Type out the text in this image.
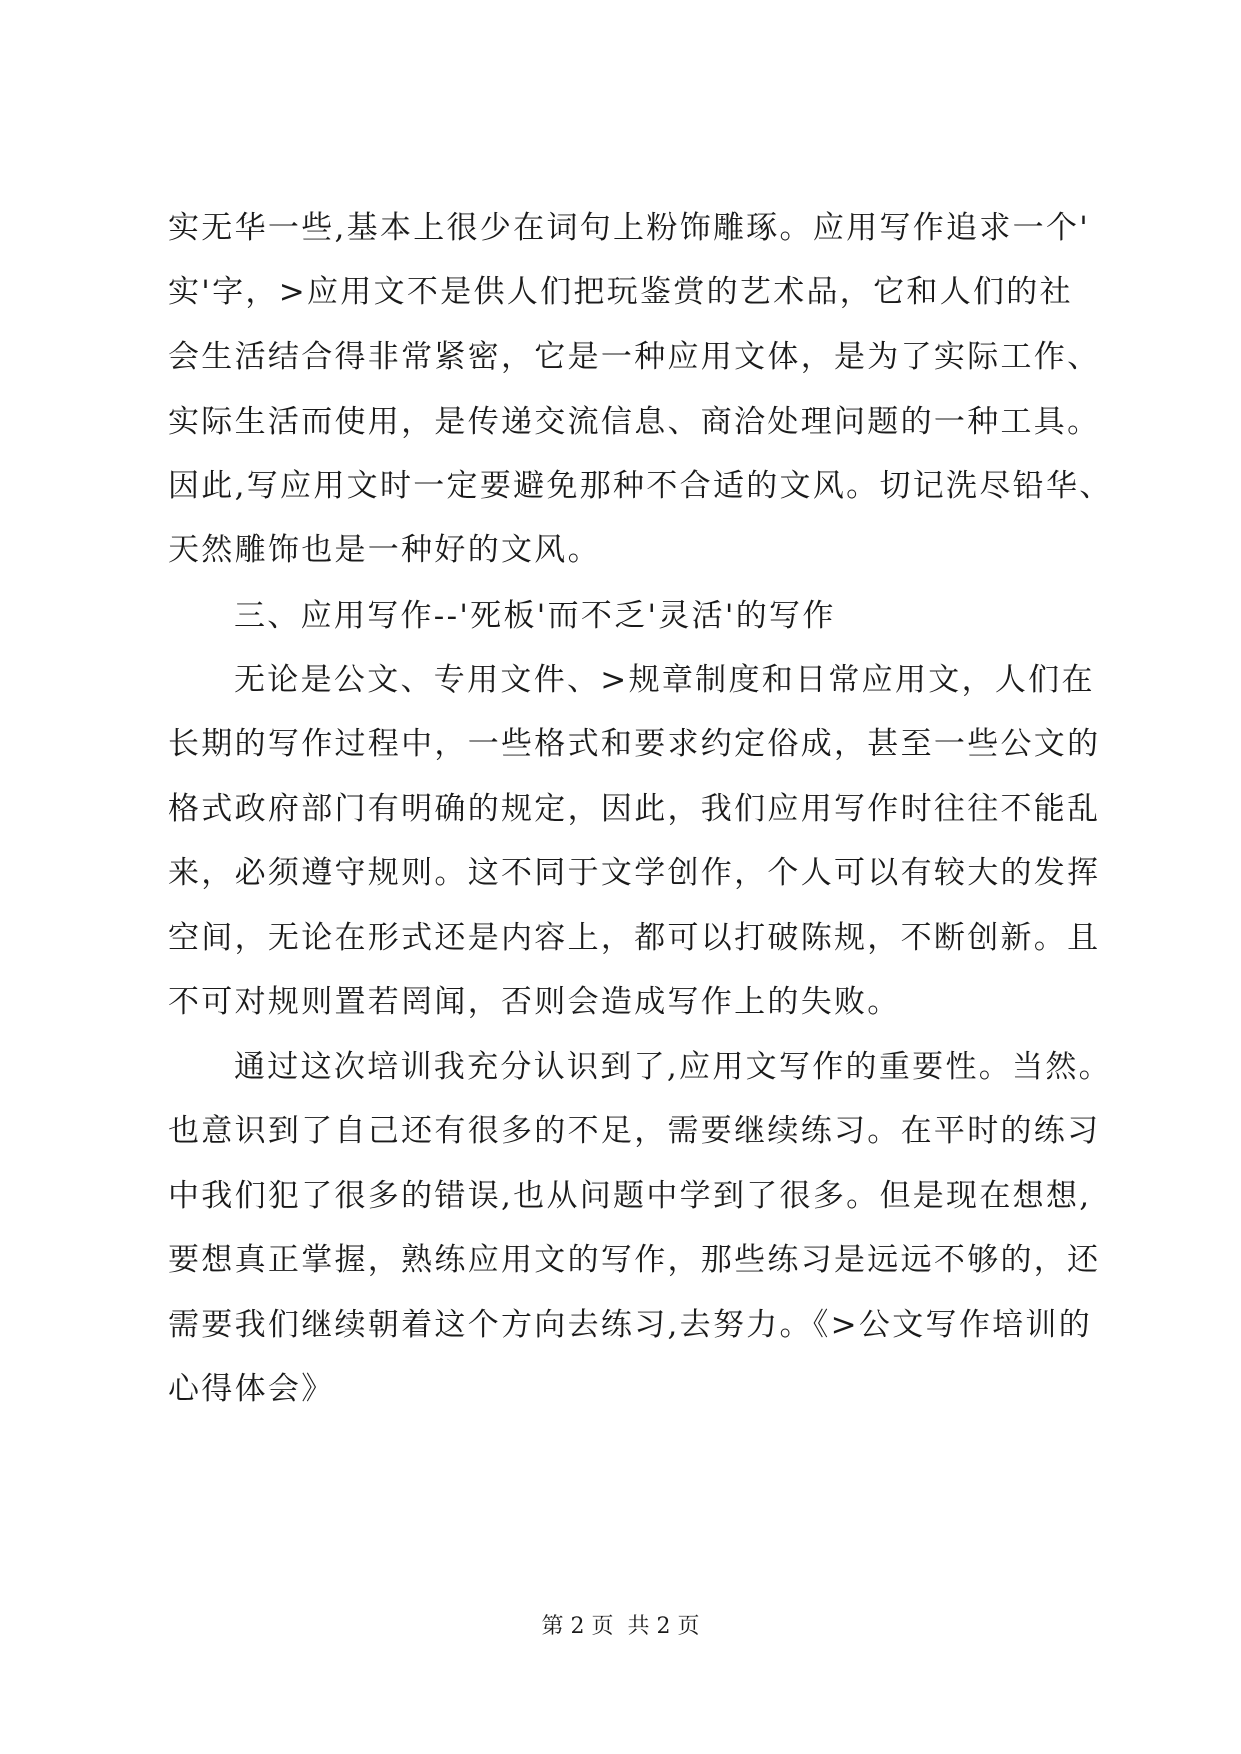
实无华一些,基本上很少在词句上粉饰雕琢。应用写作追求一个'
实'字，>应用文不是供人们把玩鉴赏的艺术品，它和人们的社
会生活结合得非常紧密，它是一种应用文体，是为了实际工作、
实际生活而使用，是传递交流信息、商洽处理问题的一种工具。
因此,写应用文时一定要避免那种不合适的文风。切记洗尽铅华、
天然雕饰也是一种好的文风。
三、应用写作--'死板'而不乏'灵活'的写作
无论是公文、专用文件、>规章制度和日常应用文，人们在
长期的写作过程中，一些格式和要求约定俗成，甚至一些公文的
格式政府部门有明确的规定，因此，我们应用写作时往往不能乱
来，必须遵守规则。这不同于文学创作，个人可以有较大的发挥
空间，无论在形式还是内容上，都可以打破陈规，不断创新。且
不可对规则置若罔闻，否则会造成写作上的失败。
通过这次培训我充分认识到了,应用文写作的重要性。当然。
也意识到了自己还有很多的不足，需要继续练习。在平时的练习
中我们犯了很多的错误,也从问题中学到了很多。但是现在想想,
要想真正掌握，熟练应用文的写作，那些练习是远远不够的，还
需要我们继续朝着这个方向去练习,去努力。《>公文写作培训的
心得体会》
第 2 页  共 2 页
